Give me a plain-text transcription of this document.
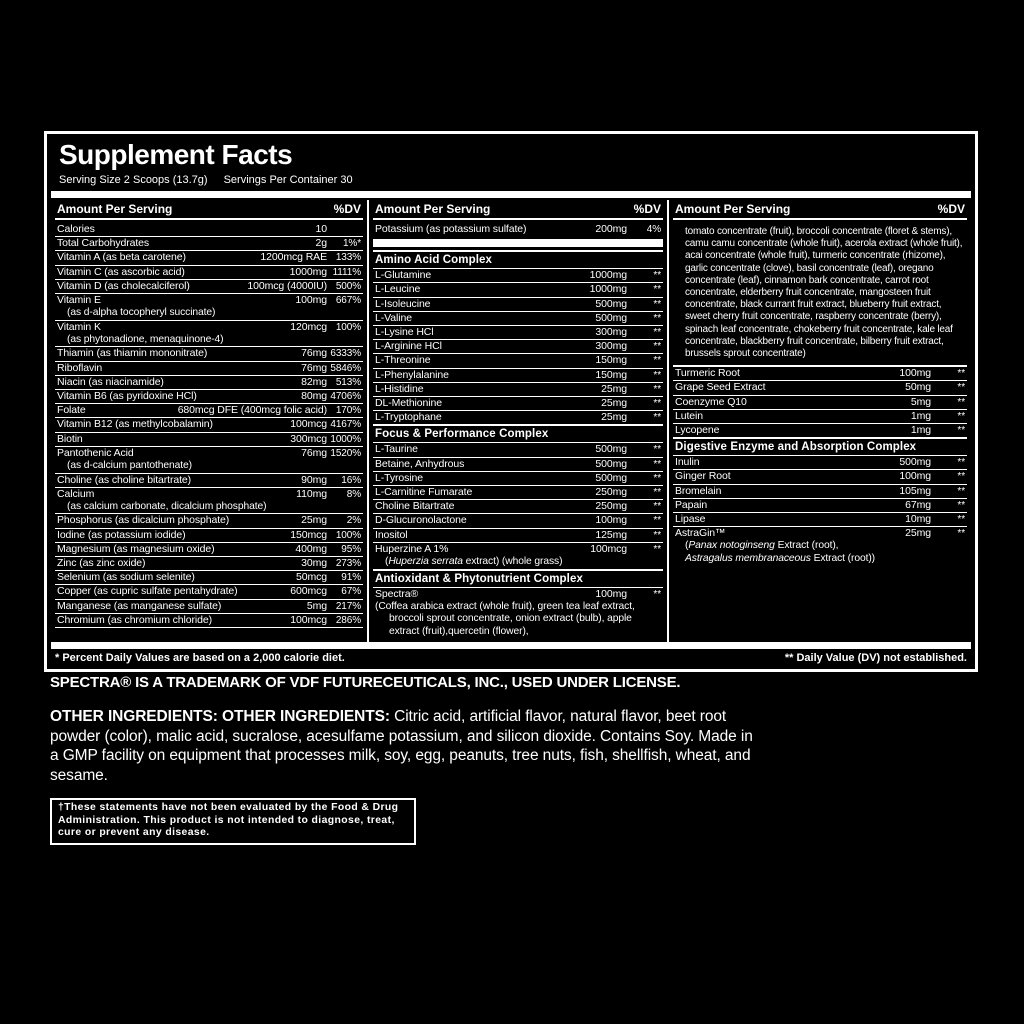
Supplement Facts
Serving Size 2 Scoops (13.7g) Servings Per Container 30
Amount Per Serving	%DV
Calories	10

Total Carbohydrates	2g	1%*
Vitamin A (as beta carotene)	1200mcg RAE 133%
Vitamin C (as ascorbic acid)	1000mg 1111%
Vitamin D (as cholecalciferol)	100mcg (4000IU) 500%
Vitamin E	100mg 667%
(as d-alpha tocopheryl succinate)
Vitamin K	120mcg 100%
(as phytonadione, menaquinone-4)
Thiamin (as thiamin mononitrate)	76mg 6333%
Riboflavin	76mg 5846%
Niacin (as niacinamide)	82mg 513%
Vitamin B6 (as pyridoxine HCl)	80mg 4706%
Folate	680mcg DFE (400mcg folic acid) 170%
Vitamin B12 (as methylcobalamin)	100mcg 4167%
Biotin	300mcg 1000%
Pantothenic Acid	76mg 1520%
(as d-calcium pantothenate)
Choline (as choline bitartrate)	90mg	16%
Calcium	110mg	8%
(as calcium carbonate, dicalcium phosphate)
Phosphorus (as dicalcium phosphate)	25mg	2%
Iodine (as potassium iodide)	150mcg 100%
Magnesium (as magnesium oxide)	400mg	95%
Zinc (as zinc oxide)	30mg 273%
Selenium (as sodium selenite)	50mcg	91%
Copper (as cupric sulfate pentahydrate)	600mcg	67%
Manganese (as manganese sulfate)	5mg 217%
Chromium (as chromium chloride)	100mcg 286%
Amount Per Serving	%DV
Potassium (as potassium sulfate)	200mg	4%
Amino Acid Complex
L-Glutamine	1000mg	**
L-Leucine	1000mg	**
L-Isoleucine	500mg	**
L-Valine	500mg	**
L-Lysine HCl	300mg	**
L-Arginine HCl	300mg	**
L-Threonine	150mg	**
L-Phenylalanine	150mg	**
L-Histidine	25mg	**
DL-Methionine	25mg	**
L-Tryptophane	25mg	**
Focus & Performance Complex
L-Taurine	500mg	**
Betaine, Anhydrous	500mg	**
L-Tyrosine	500mg	**
L-Carnitine Fumarate	250mg	**
Choline Bitartrate	250mg	**
D-Glucuronolactone	100mg	**
Inositol	125mg	**
Huperzine A 1%	100mcg	**
(Huperzia serrata extract) (whole grass)
Antioxidant & Phytonutrient Complex
Spectra®	100mg	**
(Coffea arabica extract (whole fruit), green tea leaf extract, broccoli sprout concentrate, onion extract (bulb), apple extract (fruit),quercetin (flower),
Amount Per Serving	%DV
tomato concentrate (fruit), broccoli concentrate (floret & stems), camu camu concentrate (whole fruit), acerola extract (whole fruit), acai concentrate (whole fruit), turmeric concentrate (rhizome), garlic concentrate (clove), basil concentrate (leaf), oregano concentrate (leaf), cinnamon bark concentrate, carrot root concentrate, elderberry fruit concentrate, mangosteen fruit concentrate, black currant fruit extract, blueberry fruit extract, sweet cherry fruit concentrate, raspberry concentrate (berry), spinach leaf concentrate, chokeberry fruit concentrate, kale leaf concentrate, blackberry fruit concentrate, bilberry fruit extract, brussels sprout concentrate)
Turmeric Root	100mg	**
Grape Seed Extract	50mg	**
Coenzyme Q10	5mg	**
Lutein	1mg	**
Lycopene	1mg	**
Digestive Enzyme and Absorption Complex
Inulin	500mg	**
Ginger Root	100mg	**
Bromelain	105mg	**
Papain	67mg	**
Lipase	10mg	**
AstraGin™	25mg	**
(Panax notoginseng Extract (root),
Astragalus membranaceous Extract (root))
* Percent Daily Values are based on a 2,000 calorie diet.	** Daily Value (DV) not established.
SPECTRA® IS A TRADEMARK OF VDF FUTURECEUTICALS, INC., USED UNDER LICENSE.
OTHER INGREDIENTS: OTHER INGREDIENTS: Citric acid, artificial flavor, natural flavor, beet root powder (color), malic acid, sucralose, acesulfame potassium, and silicon dioxide. Contains Soy. Made in a GMP facility on equipment that processes milk, soy, egg, peanuts, tree nuts, fish, shellfish, wheat, and sesame.
†These statements have not been evaluated by the Food & Drug Administration. This product is not intended to diagnose, treat, cure or prevent any disease.
